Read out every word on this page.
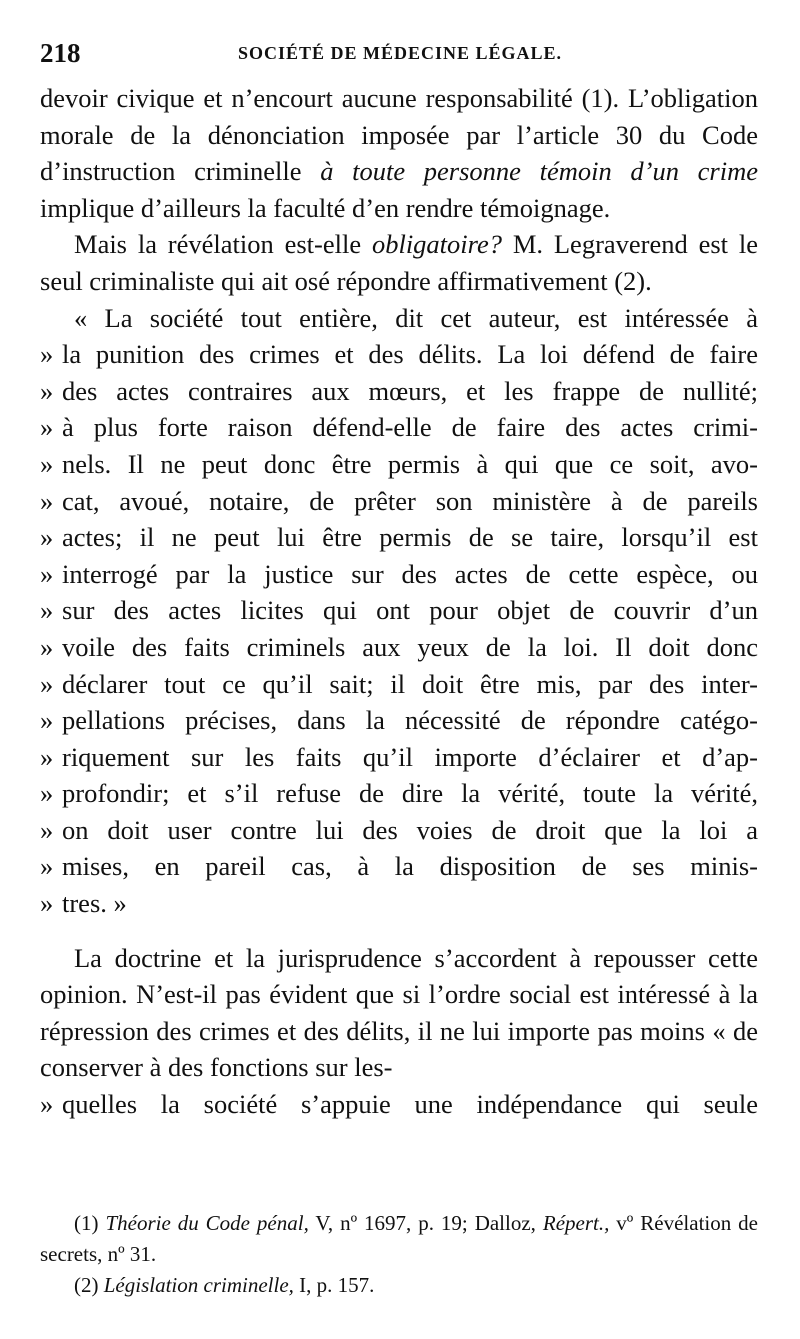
218	SOCIÉTÉ DE MÉDECINE LÉGALE.

devoir civique et n’encourt aucune responsabilité (1). L’obligation morale de la dénonciation imposée par l’article 30 du Code d’instruction criminelle à toute personne témoin d’un crime implique d’ailleurs la faculté d’en rendre témoignage.

Mais la révélation est-elle obligatoire? M. Legraverend est le seul criminaliste qui ait osé répondre affirmativement (2).

« La société tout entière, dit cet auteur, est intéressée à

» la punition des crimes et des délits. La loi défend de faire
» des actes contraires aux mœurs, et les frappe de nullité;
» à plus forte raison défend-elle de faire des actes crimi-
» nels. Il ne peut donc être permis à qui que ce soit, avo-
» cat, avoué, notaire, de prêter son ministère à de pareils
» actes; il ne peut lui être permis de se taire, lorsqu’il est
» interrogé par la justice sur des actes de cette espèce, ou
» sur des actes licites qui ont pour objet de couvrir d’un
» voile des faits criminels aux yeux de la loi. Il doit donc
» déclarer tout ce qu’il sait; il doit être mis, par des inter-
» pellations précises, dans la nécessité de répondre catégo-
» riquement sur les faits qu’il importe d’éclairer et d’ap-
» profondir; et s’il refuse de dire la vérité, toute la vérité,
» on doit user contre lui des voies de droit que la loi a
» mises, en pareil cas, à la disposition de ses minis-
» tres. »

La doctrine et la jurisprudence s’accordent à repousser cette opinion. N’est-il pas évident que si l’ordre social est intéressé à la répression des crimes et des délits, il ne lui importe pas moins « de conserver à des fonctions sur les-

» quelles la société s’appuie une indépendance qui seule

(1) Théorie du Code pénal, V, nº 1697, p. 19; Dalloz, Répert., vº Révélation de secrets, nº 31.

(2) Législation criminelle, I, p. 157.
